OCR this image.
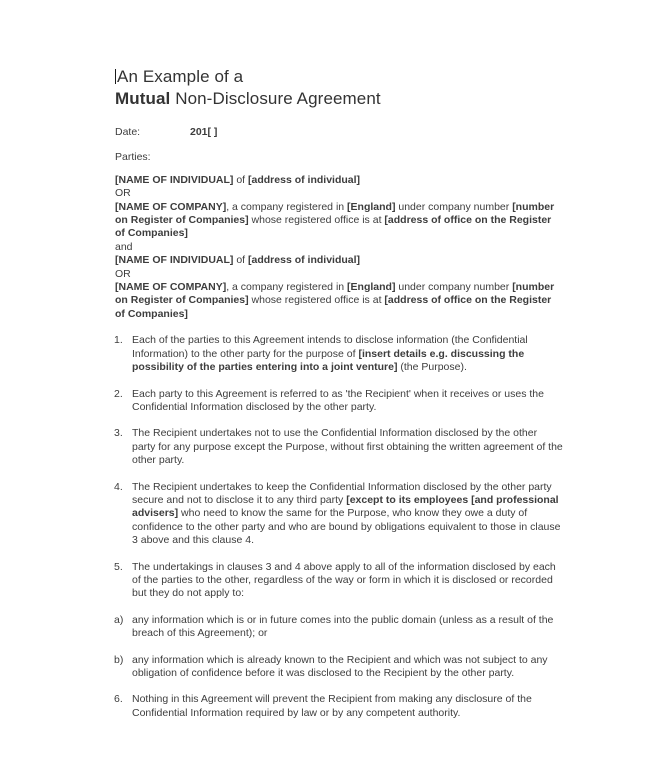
An Example of a
Mutual Non-Disclosure Agreement
Date:	201[ ]
Parties:

[NAME OF INDIVIDUAL] of [address of individual]

OR

[NAME OF COMPANY], a company registered in [England] under company number [number on Register of Companies] whose registered office is at [address of office on the Register of Companies]

and

[NAME OF INDIVIDUAL] of [address of individual]

OR

[NAME OF COMPANY], a company registered in [England] under company number [number on Register of Companies] whose registered office is at [address of office on the Register of Companies]

1. Each of the parties to this Agreement intends to disclose information (the Confidential Information) to the other party for the purpose of [insert details e.g. discussing the possibility of the parties entering into a joint venture] (the Purpose).
2. Each party to this Agreement is referred to as 'the Recipient' when it receives or uses the Confidential Information disclosed by the other party.
3. The Recipient undertakes not to use the Confidential Information disclosed by the other party for any purpose except the Purpose, without first obtaining the written agreement of the other party.
4. The Recipient undertakes to keep the Confidential Information disclosed by the other party secure and not to disclose it to any third party [except to its employees [and professional advisers] who need to know the same for the Purpose, who know they owe a duty of confidence to the other party and who are bound by obligations equivalent to those in clause 3 above and this clause 4.
5. The undertakings in clauses 3 and 4 above apply to all of the information disclosed by each of the parties to the other, regardless of the way or form in which it is disclosed or recorded but they do not apply to:
a) any information which is or in future comes into the public domain (unless as a result of the breach of this Agreement); or
b) any information which is already known to the Recipient and which was not subject to any obligation of confidence before it was disclosed to the Recipient by the other party.
6. Nothing in this Agreement will prevent the Recipient from making any disclosure of the Confidential Information required by law or by any competent authority.
